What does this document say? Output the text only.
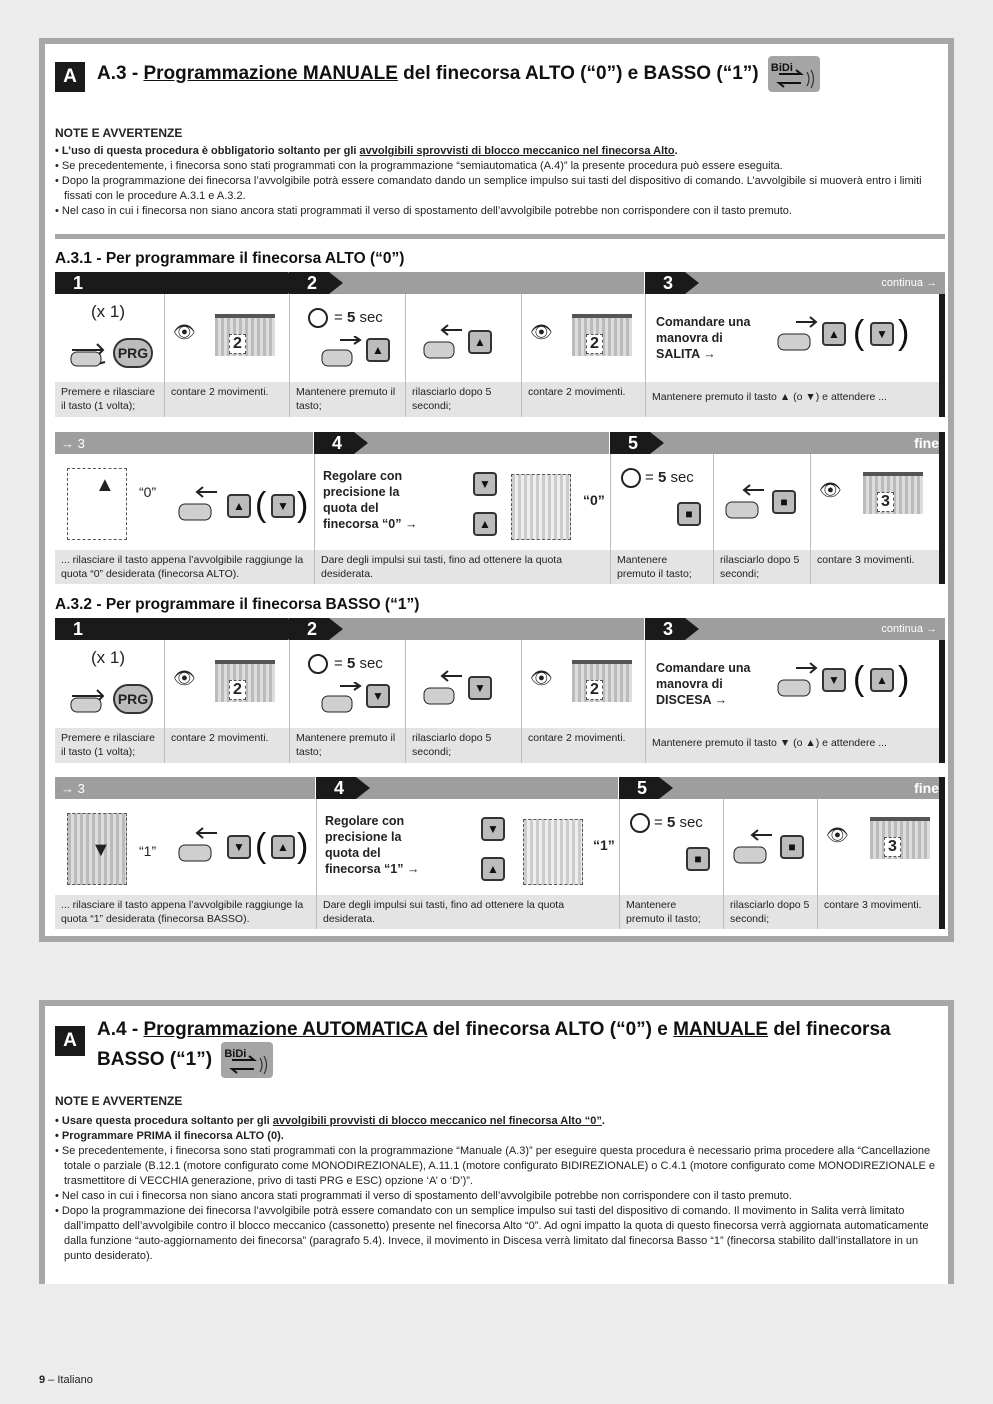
A	A.3 - Programmazione MANUALE del finecorsa ALTO (“0”) e BASSO (“1”) BiDi
NOTE E AVVERTENZE
• L’uso di questa procedura è obbligatorio soltanto per gli avvolgibili sprovvisti di blocco meccanico nel finecorsa Alto.
• Se precedentemente, i finecorsa sono stati programmati con la programmazione “semiautomatica (A.4)” la presente procedura può essere eseguita.
• Dopo la programmazione dei finecorsa l’avvolgibile potrà essere comandato dando un semplice impulso sui tasti del dispositivo di comando. L’avvolgibile si muoverà entro i limiti fissati con le procedure A.3.1 e A.3.2.
• Nel caso in cui i finecorsa non siano ancora stati programmati il verso di spostamento dell’avvolgibile potrebbe non corrispondere con il tasto premuto.
A.3.1 - Per programmare il finecorsa ALTO (“0”)
1	2	continua →
3
(x 1)
PRG
👁
2
= 5 sec
▲
▲	👁
2
Comandare una manovra di SALITA →
▲ ( ▼ )
Premere e rilasciare il tasto (1 volta);
contare 2 movimenti.	Mantenere premuto il tasto;
rilasciarlo dopo 5 secondi;
contare 2 movimenti.	Mantenere premuto il tasto ▲ (o ▼) e attendere ...
→ 3	4	fine
5
▲ “0”
▲ ( ▼ )
Regolare con precisione la quota del finecorsa “0” →
▼
▲
“0”
= 5 sec
■
■
👁
3
... rilasciare il tasto appena l’avvolgibile raggiunge la quota “0” desiderata (finecorsa ALTO).
Dare degli impulsi sui tasti, fino ad ottenere la quota desiderata.
Mantenere premuto il tasto;
rilasciarlo dopo 5 secondi;
contare 3 movimenti.
A.3.2 - Per programmare il finecorsa BASSO (“1”)
1	2	continua →
3
(x 1)
PRG
👁
2
= 5 sec
▼
▼	👁
2
Comandare una manovra di DISCESA →
▼ ( ▲ )
Premere e rilasciare il tasto (1 volta);
contare 2 movimenti.	Mantenere premuto il tasto;
rilasciarlo dopo 5 secondi;
contare 2 movimenti.	Mantenere premuto il tasto ▼ (o ▲) e attendere ...
→ 3	4	fine
5
▼ “1”	▼ ( ▲ )
Regolare con precisione la quota del finecorsa “1” →
▼
▲
“1”
= 5 sec
■
■
👁
3
... rilasciare il tasto appena l’avvolgibile raggiunge la quota “1” desiderata (finecorsa BASSO).
Dare degli impulsi sui tasti, fino ad ottenere la quota desiderata.
Mantenere premuto il tasto;
rilasciarlo dopo 5 secondi;
contare 3 movimenti.
A
A.4 - Programmazione AUTOMATICA del finecorsa ALTO (“0”) e MANUALE del finecorsa
BASSO (“1”) BiDi
NOTE E AVVERTENZE
• Usare questa procedura soltanto per gli avvolgibili provvisti di blocco meccanico nel finecorsa Alto “0”.
• Programmare PRIMA il finecorsa ALTO (0).
• Se precedentemente, i finecorsa sono stati programmati con la programmazione “Manuale (A.3)” per eseguire questa procedura è necessario prima procedere alla “Cancellazione totale o parziale (B.12.1 (motore configurato come MONODIREZIONALE), A.11.1 (motore configurato BIDIREZIONALE) o C.4.1 (motore configurato come MONODIREZIONALE e trasmettitore di VECCHIA generazione, privo di tasti PRG e ESC) opzione ‘A’ o ‘D’)”.
• Nel caso in cui i finecorsa non siano ancora stati programmati il verso di spostamento dell’avvolgibile potrebbe non corrispondere con il tasto premuto.
• Dopo la programmazione dei finecorsa l’avvolgibile potrà essere comandato con un semplice impulso sui tasti del dispositivo di comando. Il movimento in Salita verrà limitato dall’impatto dell’avvolgibile contro il blocco meccanico (cassonetto) presente nel finecorsa Alto “0”. Ad ogni impatto la quota di questo finecorsa verrà aggiornata automaticamente dalla funzione “auto-aggiornamento dei finecorsa” (paragrafo 5.4). Invece, il movimento in Discesa verrà limitato dal finecorsa Basso “1” (finecorsa stabilito dall’installatore in un punto desiderato).
9 – Italiano
